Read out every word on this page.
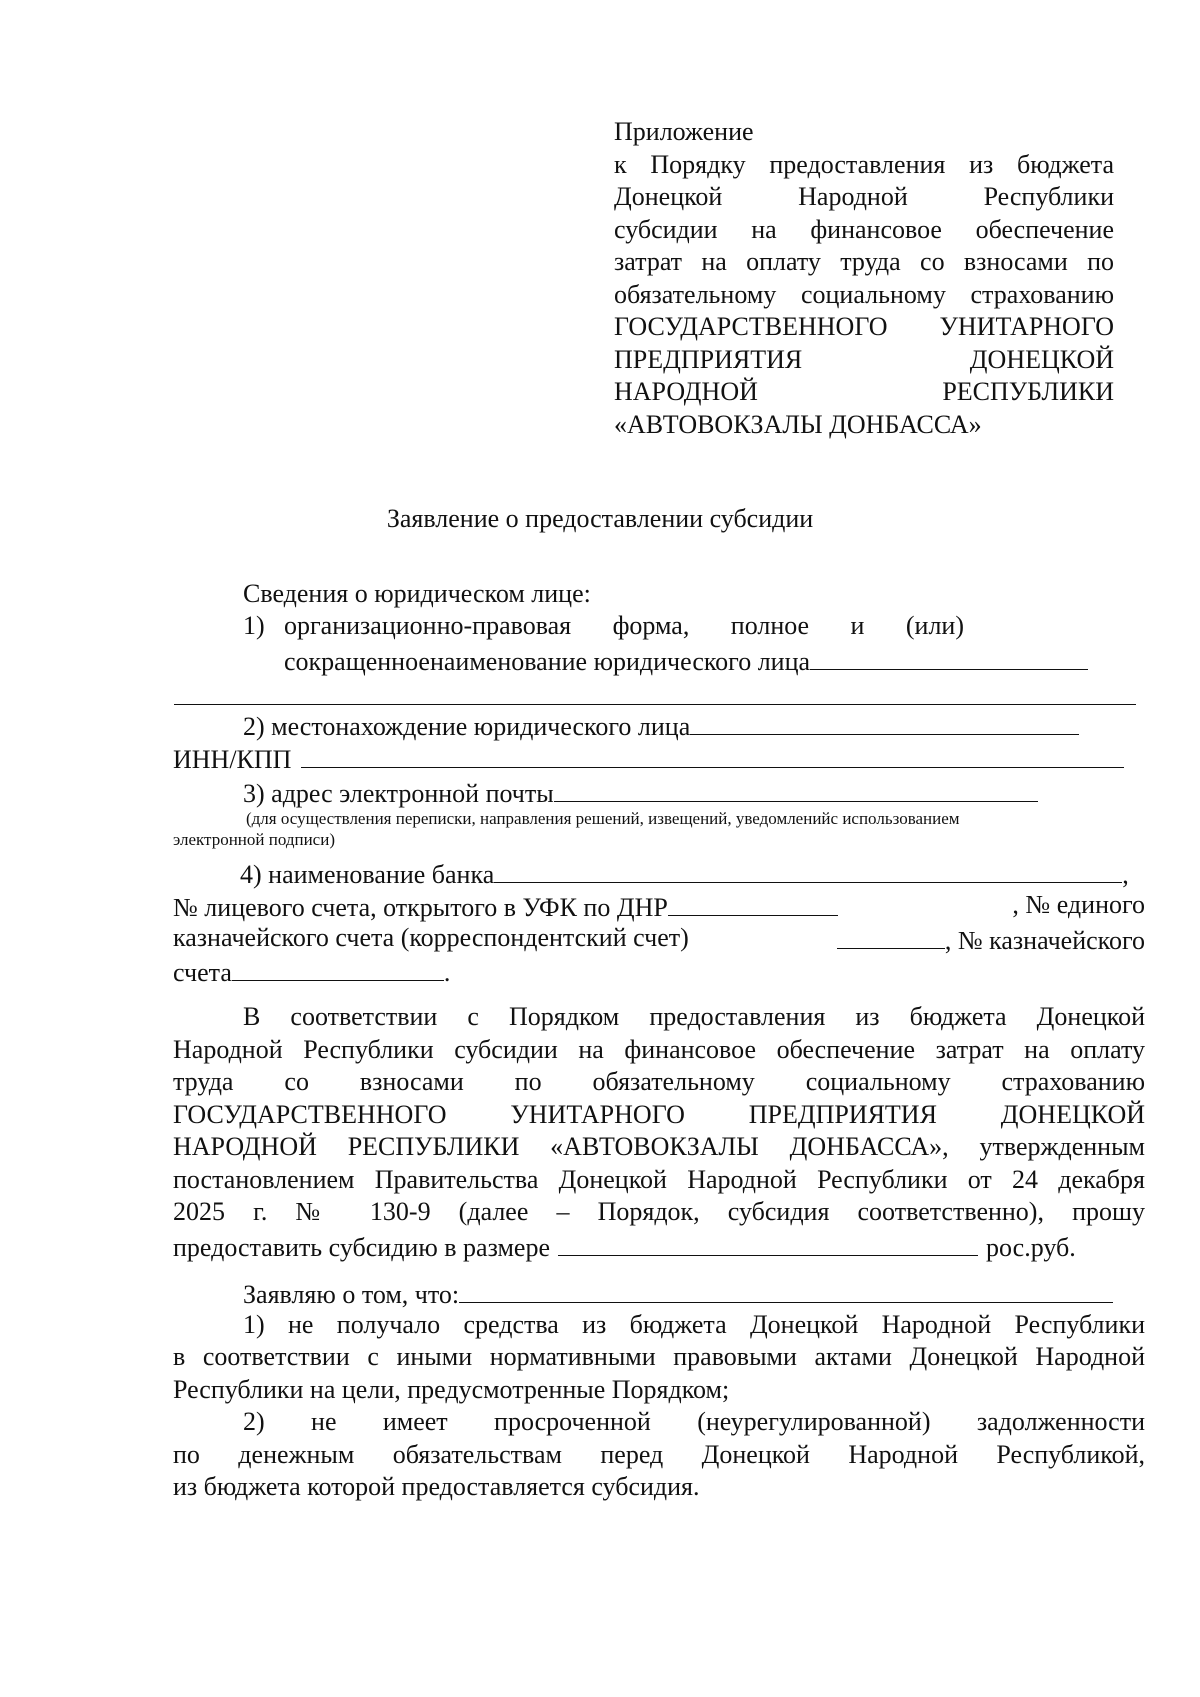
Приложение
к Порядку предоставления из бюджета
Донецкой Народной Республики
субсидии на финансовое обеспечение
затрат на оплату труда со взносами по
обязательному социальному страхованию
ГОСУДАРСТВЕННОГО УНИТАРНОГО
ПРЕДПРИЯТИЯ ДОНЕЦКОЙ
НАРОДНОЙ РЕСПУБЛИКИ
«АВТОВОКЗАЛЫ ДОНБАССА»
Заявление о предоставлении субсидии
Сведения о юридическом лице:
1) организационно-правовая форма, полное и (или)
сокращенноенаименование юридического лица
2) местонахождение юридического лица
ИНН/КПП
3) адрес электронной почты
(для осуществления переписки, направления решений, извещений, уведомленийс использованием
электронной подписи)
4) наименование банка	,
№ лицевого счета, открытого в УФК по ДНР	, № единого
казначейского счета (корреспондентский счет)	, № казначейского
счета	.
В соответствии с Порядком предоставления из бюджета Донецкой
Народной Республики субсидии на финансовое обеспечение затрат на оплату
труда со взносами по обязательному социальному страхованию
ГОСУДАРСТВЕННОГО УНИТАРНОГО ПРЕДПРИЯТИЯ ДОНЕЦКОЙ
НАРОДНОЙ РЕСПУБЛИКИ «АВТОВОКЗАЛЫ ДОНБАССА», утвержденным
постановлением Правительства Донецкой Народной Республики от 24 декабря
2025 г. № 130-9 (далее – Порядок, субсидия соответственно), прошу
предоставить субсидию в размере	рос.руб.
Заявляю о том, что:
1) не получало средства из бюджета Донецкой Народной Республики
в соответствии с иными нормативными правовыми актами Донецкой Народной
Республики на цели, предусмотренные Порядком;
2) не имеет просроченной (неурегулированной) задолженности
по денежным обязательствам перед Донецкой Народной Республикой,
из бюджета которой предоставляется субсидия.
